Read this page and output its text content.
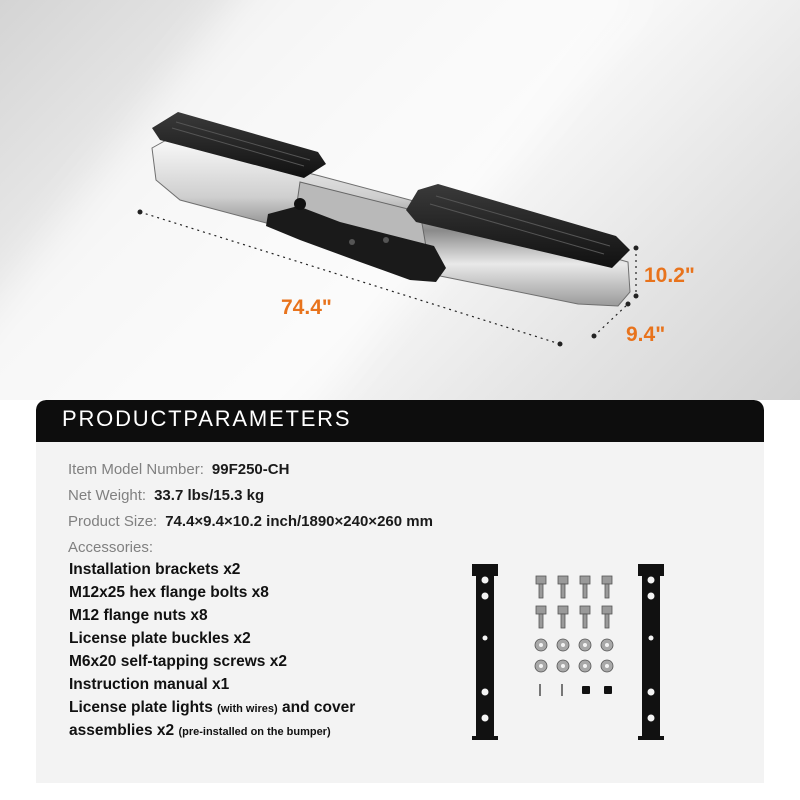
74.4"
10.2"
9.4"
PRODUCTPARAMETERS
Item Model Number: 99F250-CH
Net Weight: 33.7 lbs/15.3 kg
Product Size: 74.4×9.4×10.2 inch/1890×240×260 mm
Accessories:
Installation brackets x2
M12x25 hex flange bolts x8
M12 flange nuts x8
License plate buckles x2
M6x20 self-tapping screws x2
Instruction manual x1
License plate lights (with wires) and cover
assemblies x2 (pre-installed on the bumper)
